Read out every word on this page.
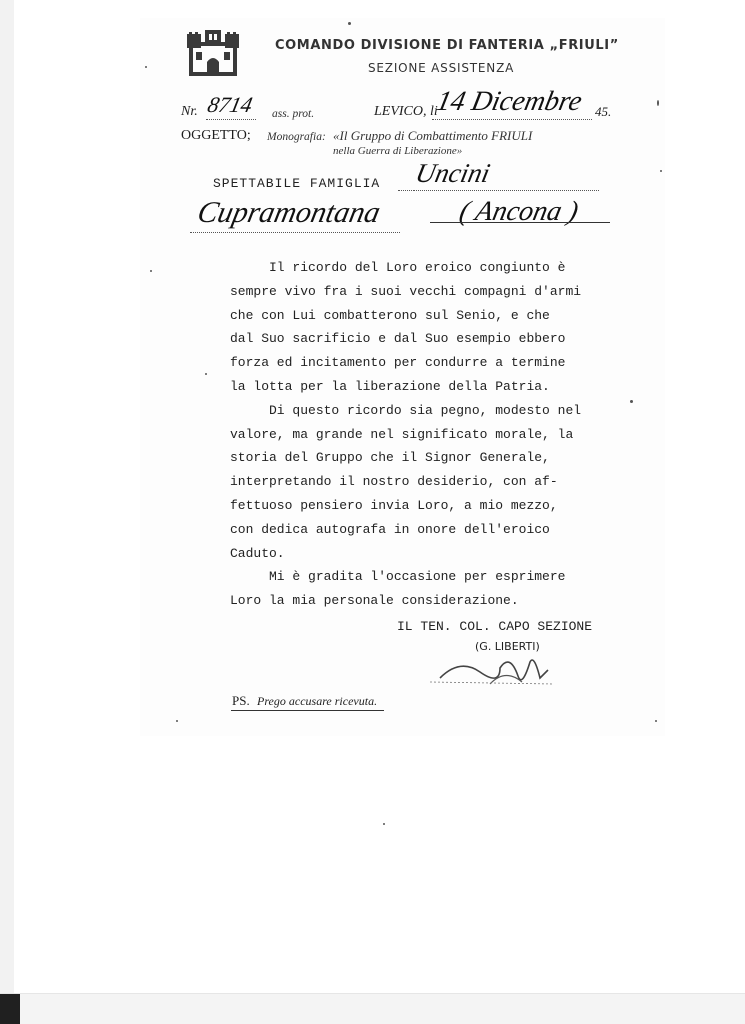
COMANDO DIVISIONE DI FANTERIA „FRIULI”
SEZIONE ASSISTENZA
Nr. 8714 ass. prot.	LEVICO, li
14 Dicembre 45.
OGGETTO; Monografia: «Il Gruppo di Combattimento FRIULI
nella Guerra di Liberazione»
SPETTABILE FAMIGLIA Uncini
Cupramontana	( Ancona )
Il ricordo del Loro eroico congiunto è
sempre vivo fra i suoi vecchi compagni d'armi
che con Lui combatterono sul Senio, e che
dal Suo sacrificio e dal Suo esempio ebbero
forza ed incitamento per condurre a termine
la lotta per la liberazione della Patria.
Di questo ricordo sia pegno, modesto nel
valore, ma grande nel significato morale, la
storia del Gruppo che il Signor Generale,
interpretando il nostro desiderio, con af-
fettuoso pensiero invia Loro, a mio mezzo,
con dedica autografa in onore dell'eroico
Caduto.
Mi è gradita l'occasione per esprimere
Loro la mia personale considerazione.
IL TEN. COL. CAPO SEZIONE
(G. LIBERTI)
PS. Prego accusare ricevuta.
